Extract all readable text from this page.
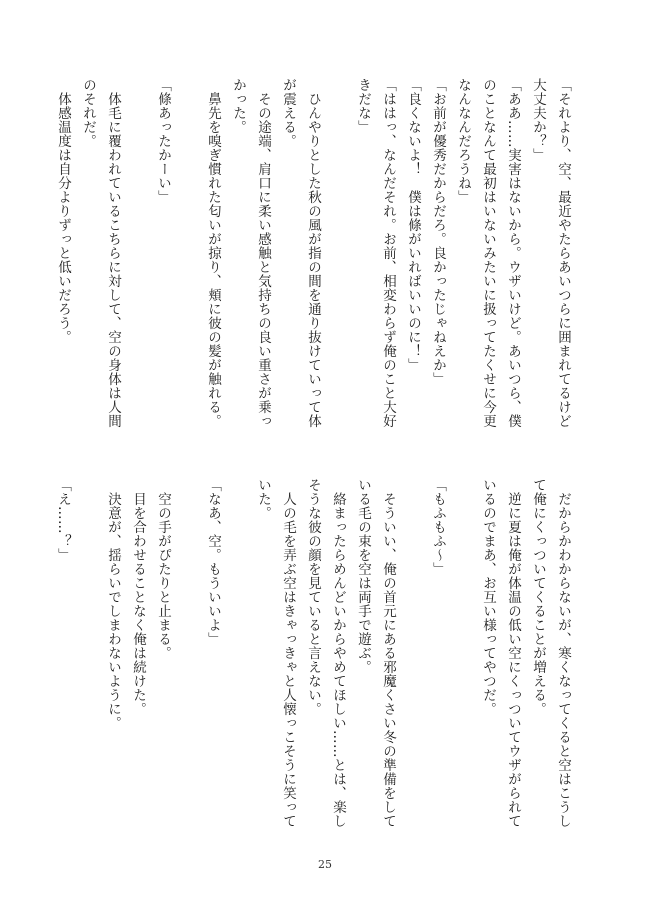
「それより、空、最近やたらあいつらに囲まれてるけど
大丈夫か？」
「ああ……実害はないから。ウザいけど。あいつら、僕
のことなんて最初はいないみたいに扱ってたくせに今更
なんなんだろうね」
「お前が優秀だからだろ。良かったじゃねえか」
「良くないよ！　僕は條がいればいいのに！」
「ははっ、なんだそれ。お前、相変わらず俺のこと大好
きだな」

　ひんやりとした秋の風が指の間を通り抜けていって体
が震える。
　その途端、肩口に柔い感触と気持ちの良い重さが乗っ
かった。
　鼻先を嗅ぎ慣れた匂いが掠り、頬に彼の髪が触れる。

「條あったかーい」

　体毛に覆われているこちらに対して、空の身体は人間
のそれだ。
　体感温度は自分よりずっと低いだろう。
　だからかわからないが、寒くなってくると空はこうし
て俺にくっついてくることが増える。
　逆に夏は俺が体温の低い空にくっついてウザがられて
いるのでまあ、お互い様ってやつだ。

「もふもふ～」

　そういい、俺の首元にある邪魔くさい冬の準備をして
いる毛の束を空は両手で遊ぶ。
　絡まったらめんどいからやめてほしい……とは、楽し
そうな彼の顔を見ていると言えない。
　人の毛を弄ぶ空はきゃっきゃと人懐っこそうに笑って
いた。

「なあ、空。もういいよ」

　空の手がぴたりと止まる。
　目を合わせることなく俺は続けた。
　決意が、揺らいでしまわないように。

「え……？」
25
